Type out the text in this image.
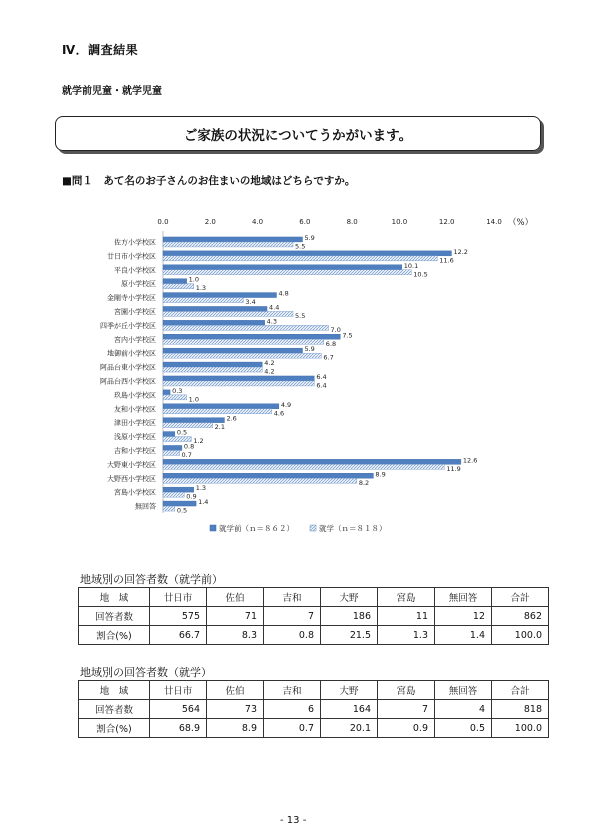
Ⅳ．調査結果
就学前児童・就学児童
ご家族の状況についてうかがいます。
■問１　あて名のお子さんのお住まいの地域はどちらですか。
0.0	2.0	4.0	6.0	8.0	10.0	12.0	14.0 （%）
佐方小学校区
5.9
5.5
廿日市小学校区
12.2
11.6
平良小学校区
10.1
10.5
原小学校区
1.0
1.3
金剛寺小学校区
4.8
3.4
宮園小学校区
4.4
5.5
四季が丘小学校区
4.3
7.0
宮内小学校区
7.5
6.8
地御前小学校区
5.9
6.7
阿品台東小学校区
4.2
4.2
阿品台西小学校区
6.4
6.4
玖島小学校区
0.3
1.0
友和小学校区
4.9
4.6
津田小学校区
2.6
2.1
浅原小学校区
0.5
1.2
吉和小学校区
0.8
0.7
大野東小学校区
12.6
11.9
大野西小学校区
8.9
8.2
宮島小学校区
1.3
0.9
無回答
1.4
0.5
就学前（ｎ＝８６２）	就学（ｎ＝８１８）
地域別の回答者数（就学前）
地　域	廿日市	佐伯	吉和	大野	宮島	無回答	合計
回答者数	575	71	7	186	11	12	862
割合(%)	66.7	8.3	0.8	21.5	1.3	1.4	100.0
地域別の回答者数（就学）
地　域	廿日市	佐伯	吉和	大野	宮島	無回答	合計
回答者数	564	73	6	164	7	4	818
割合(%)	68.9	8.9	0.7	20.1	0.9	0.5	100.0
- 13 -
